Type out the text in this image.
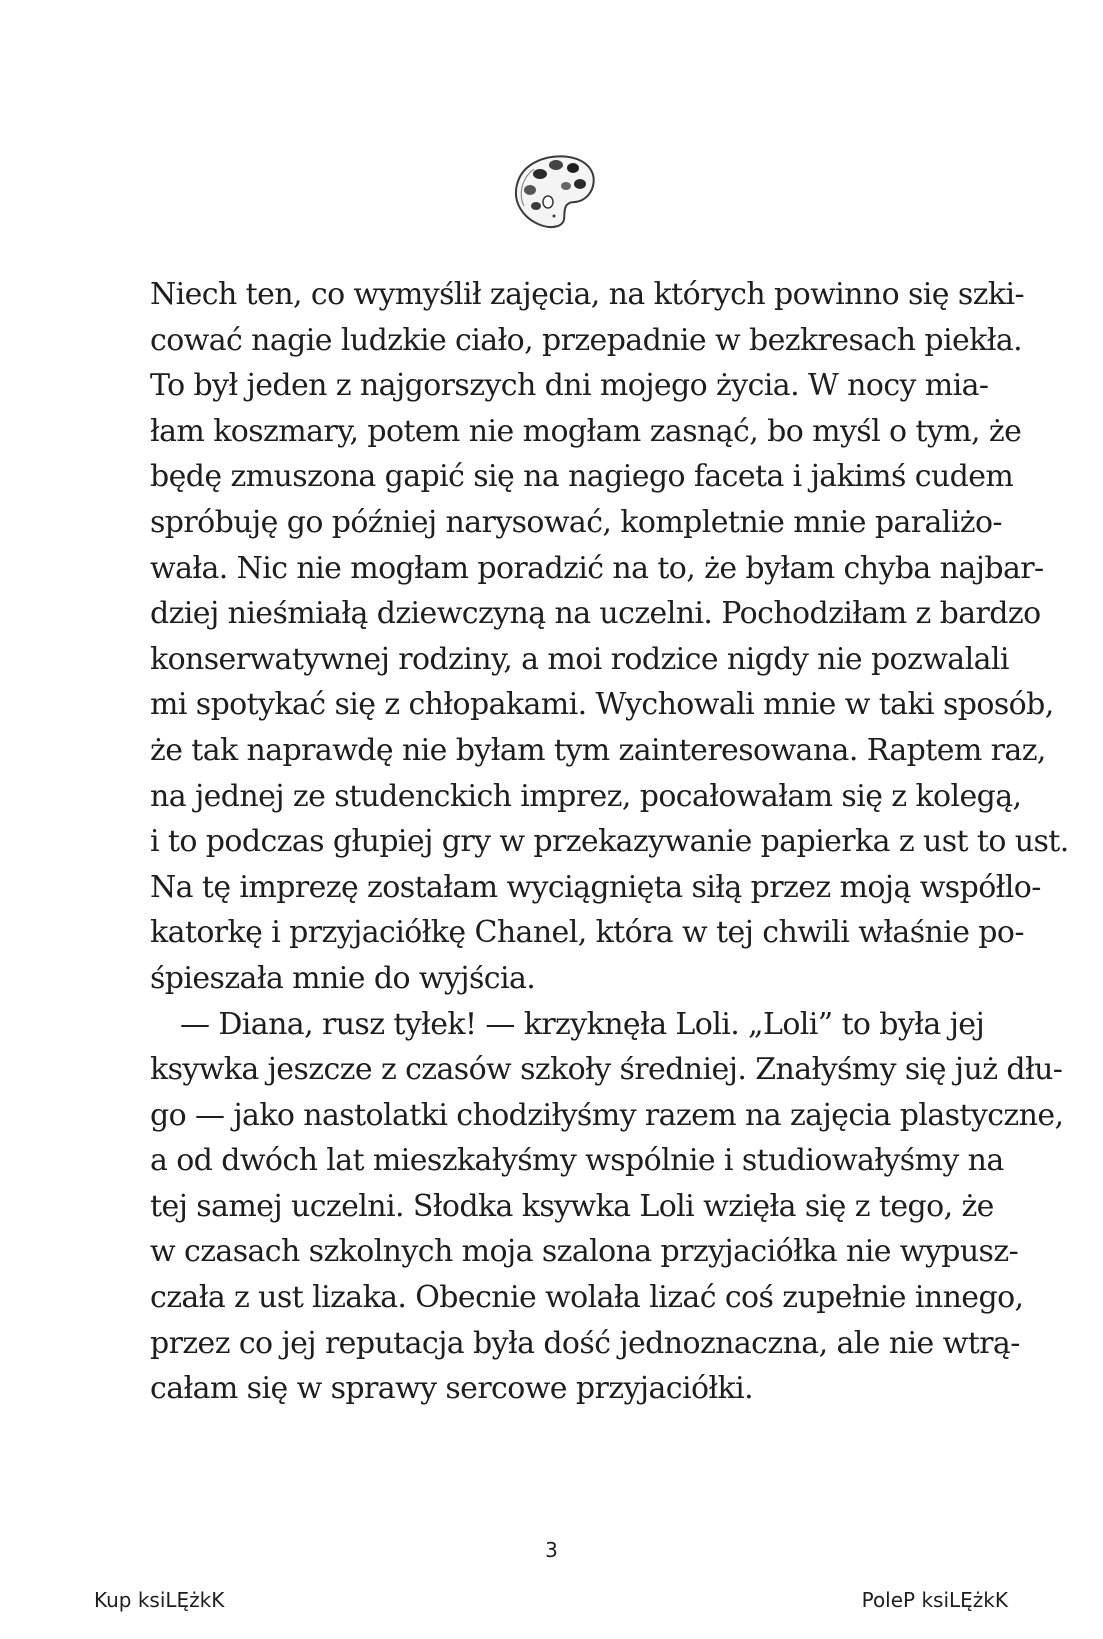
Niech ten, co wymyślił zajęcia, na których powinno się szki-
cować nagie ludzkie ciało, przepadnie w bezkresach piekła.
To był jeden z najgorszych dni mojego życia. W nocy mia-
łam koszmary, potem nie mogłam zasnąć, bo myśl o tym, że
będę zmuszona gapić się na nagiego faceta i jakimś cudem
spróbuję go później narysować, kompletnie mnie paraliżo-
wała. Nic nie mogłam poradzić na to, że byłam chyba najbar-
dziej nieśmiałą dziewczyną na uczelni. Pochodziłam z bardzo
konserwatywnej rodziny, a moi rodzice nigdy nie pozwalali
mi spotykać się z chłopakami. Wychowali mnie w taki sposób,
że tak naprawdę nie byłam tym zainteresowana. Raptem raz,
na jednej ze studenckich imprez, pocałowałam się z kolegą,
i to podczas głupiej gry w przekazywanie papierka z ust to ust.
Na tę imprezę zostałam wyciągnięta siłą przez moją współlo-
katorkę i przyjaciółkę Chanel, która w tej chwili właśnie po-
śpieszała mnie do wyjścia.

— Diana, rusz tyłek! — krzyknęła Loli. „Loli” to była jej
ksywka jeszcze z czasów szkoły średniej. Znałyśmy się już dłu-
go — jako nastolatki chodziłyśmy razem na zajęcia plastyczne,
a od dwóch lat mieszkałyśmy wspólnie i studiowałyśmy na
tej samej uczelni. Słodka ksywka Loli wzięła się z tego, że
w czasach szkolnych moja szalona przyjaciółka nie wypusz-
czała z ust lizaka. Obecnie wolała lizać coś zupełnie innego,
przez co jej reputacja była dość jednoznaczna, ale nie wtrą-
całam się w sprawy sercowe przyjaciółki.

3
Kup ksiLĘżkK	PoleP ksiLĘżkK
